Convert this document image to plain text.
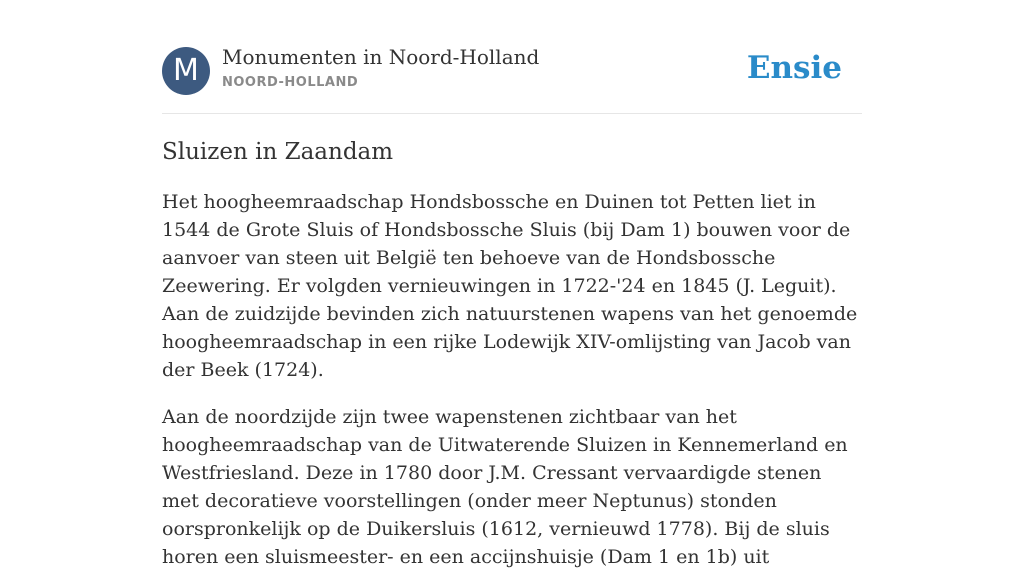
M	Monumenten in Noord-Holland
NOORD-HOLLAND	Ensie
Sluizen in Zaandam

Het hoogheemraadschap Hondsbossche en Duinen tot Petten liet in 1544 de Grote Sluis of Hondsbossche Sluis (bij Dam 1) bouwen voor de aanvoer van steen uit België ten behoeve van de Hondsbossche Zeewering. Er volgden vernieuwingen in 1722-'24 en 1845 (J. Leguit). Aan de zuidzijde bevinden zich natuurstenen wapens van het genoemde hoogheemraadschap in een rijke Lodewijk XIV-omlijsting van Jacob van der Beek (1724).

Aan de noordzijde zijn twee wapenstenen zichtbaar van het hoogheemraadschap van de Uitwaterende Sluizen in Kennemerland en Westfriesland. Deze in 1780 door J.M. Cressant vervaardigde stenen met decoratieve voorstellingen (onder meer Neptunus) stonden oorspronkelijk op de Duikersluis (1612, vernieuwd 1778). Bij de sluis horen een sluismeester- en een accijnshuisje (Dam 1 en 1b) uit
